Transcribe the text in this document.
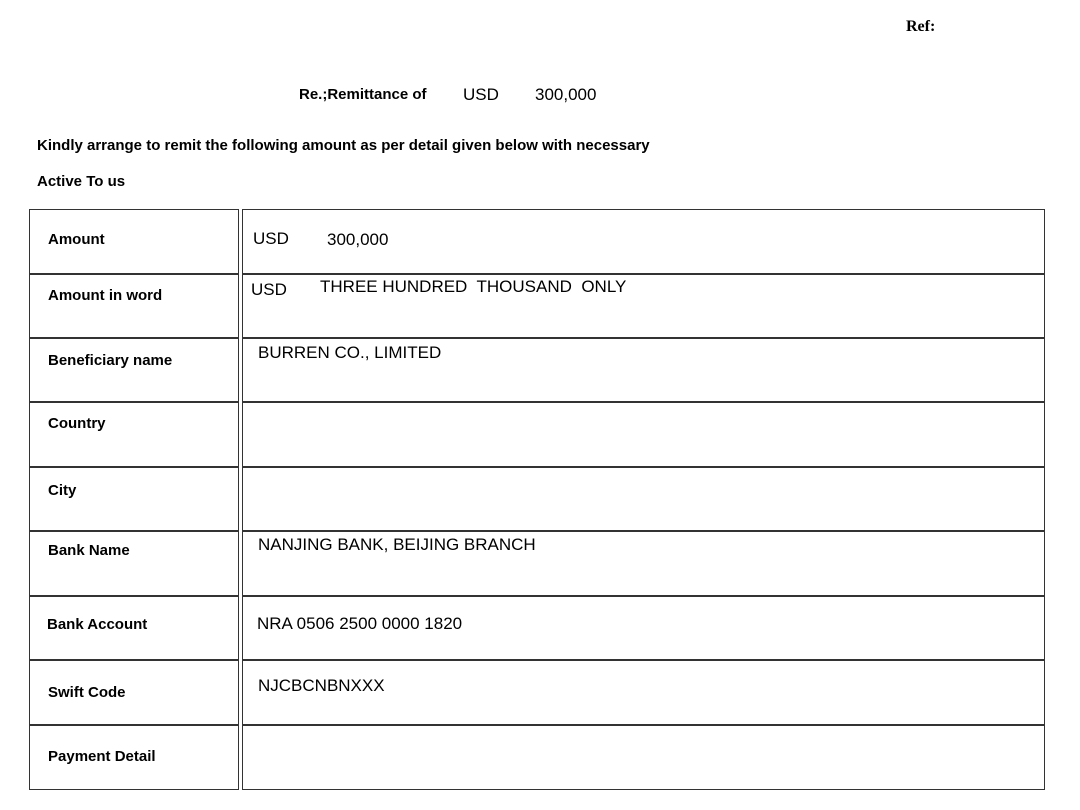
Ref:
Re.;Remittance of USD 300,000
Kindly arrange to remit the following amount as per detail given below with necessary
Active To us
Amount	USD 300,000
Amount in word	USD THREE HUNDRED  THOUSAND  ONLY
Beneficiary name	BURREN CO., LIMITED
Country
City
Bank Name	NANJING BANK, BEIJING BRANCH
Bank Account	NRA 0506 2500 0000 1820
Swift Code	NJCBCNBNXXX
Payment Detail
